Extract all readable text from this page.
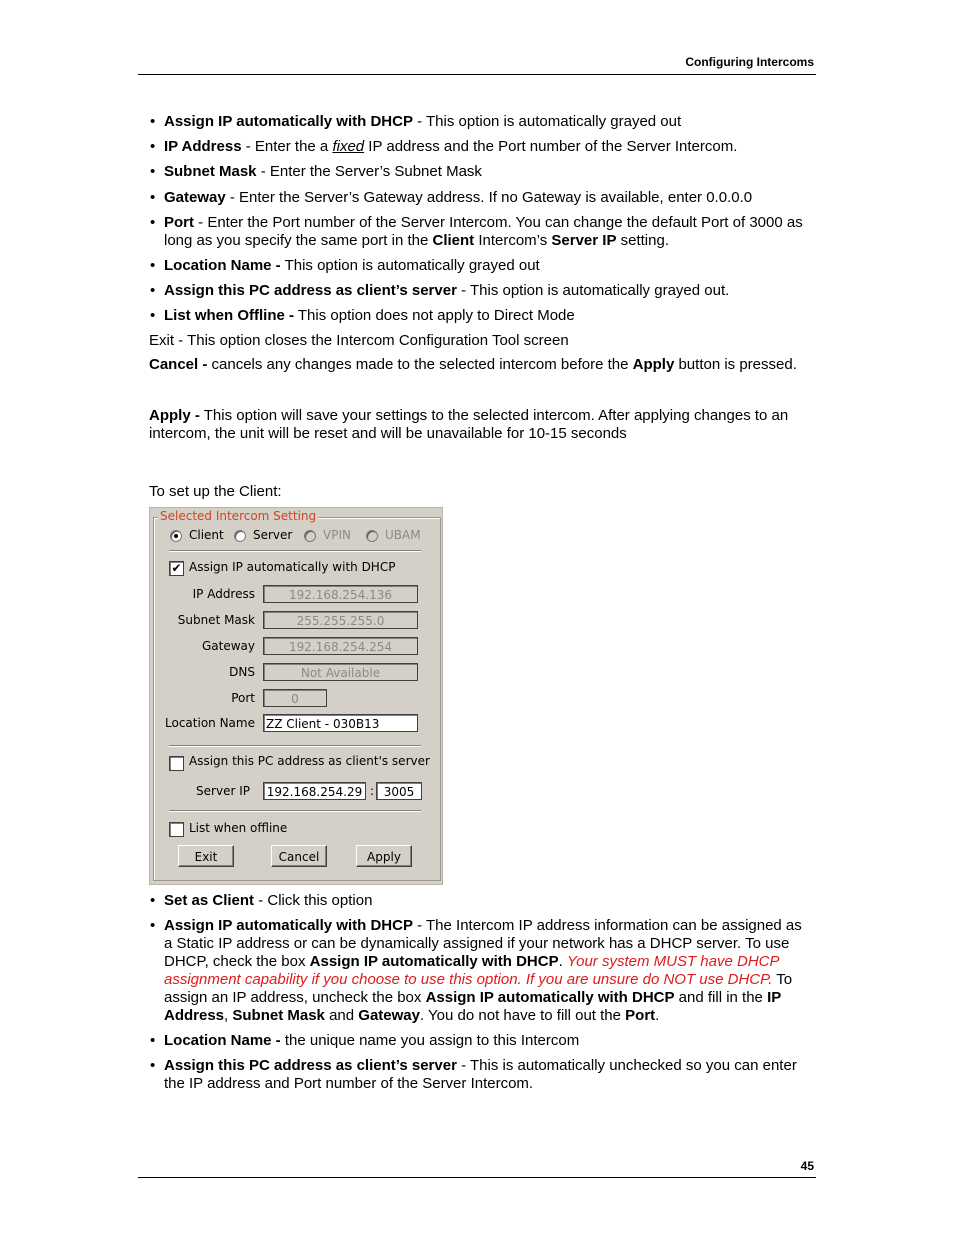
Configuring Intercoms
• Assign IP automatically with DHCP - This option is automatically grayed out
• IP Address - Enter the a fixed IP address and the Port number of the Server Intercom.
• Subnet Mask - Enter the Server’s Subnet Mask
• Gateway - Enter the Server’s Gateway address. If no Gateway is available, enter 0.0.0.0
• Port - Enter the Port number of the Server Intercom. You can change the default Port of 3000 as long as you specify the same port in the Client Intercom’s Server IP setting.
• Location Name - This option is automatically grayed out
• Assign this PC address as client’s server - This option is automatically grayed out.
• List when Offline - This option does not apply to Direct Mode
Exit - This option closes the Intercom Configuration Tool screen
Cancel - cancels any changes made to the selected intercom before the Apply button is pressed.
Apply - This option will save your settings to the selected intercom. After applying changes to an intercom, the unit will be reset and will be unavailable for 10-15 seconds
To set up the Client:
Selected Intercom Setting
Client Server	VPIN	UBAM
✔ Assign IP automatically with DHCP
IP Address	192.168.254.136
Subnet Mask	255.255.255.0
Gateway	192.168.254.254
DNS	Not Available
Port	0
Location Name ZZ Client - 030B13
Assign this PC address as client's server
Server IP	192.168.254.29 : 3005
List when offline
Exit	Cancel	Apply
• Set as Client - Click this option
• Assign IP automatically with DHCP - The Intercom IP address information can be assigned as a Static IP address or can be dynamically assigned if your network has a DHCP server. To use DHCP, check the box Assign IP automatically with DHCP. Your system MUST have DHCP assignment capability if you choose to use this option. If you are unsure do NOT use DHCP. To assign an IP address, uncheck the box Assign IP automatically with DHCP and fill in the IP Address, Subnet Mask and Gateway. You do not have to fill out the Port.
• Location Name - the unique name you assign to this Intercom
• Assign this PC address as client’s server - This is automatically unchecked so you can enter the IP address and Port number of the Server Intercom.
45
